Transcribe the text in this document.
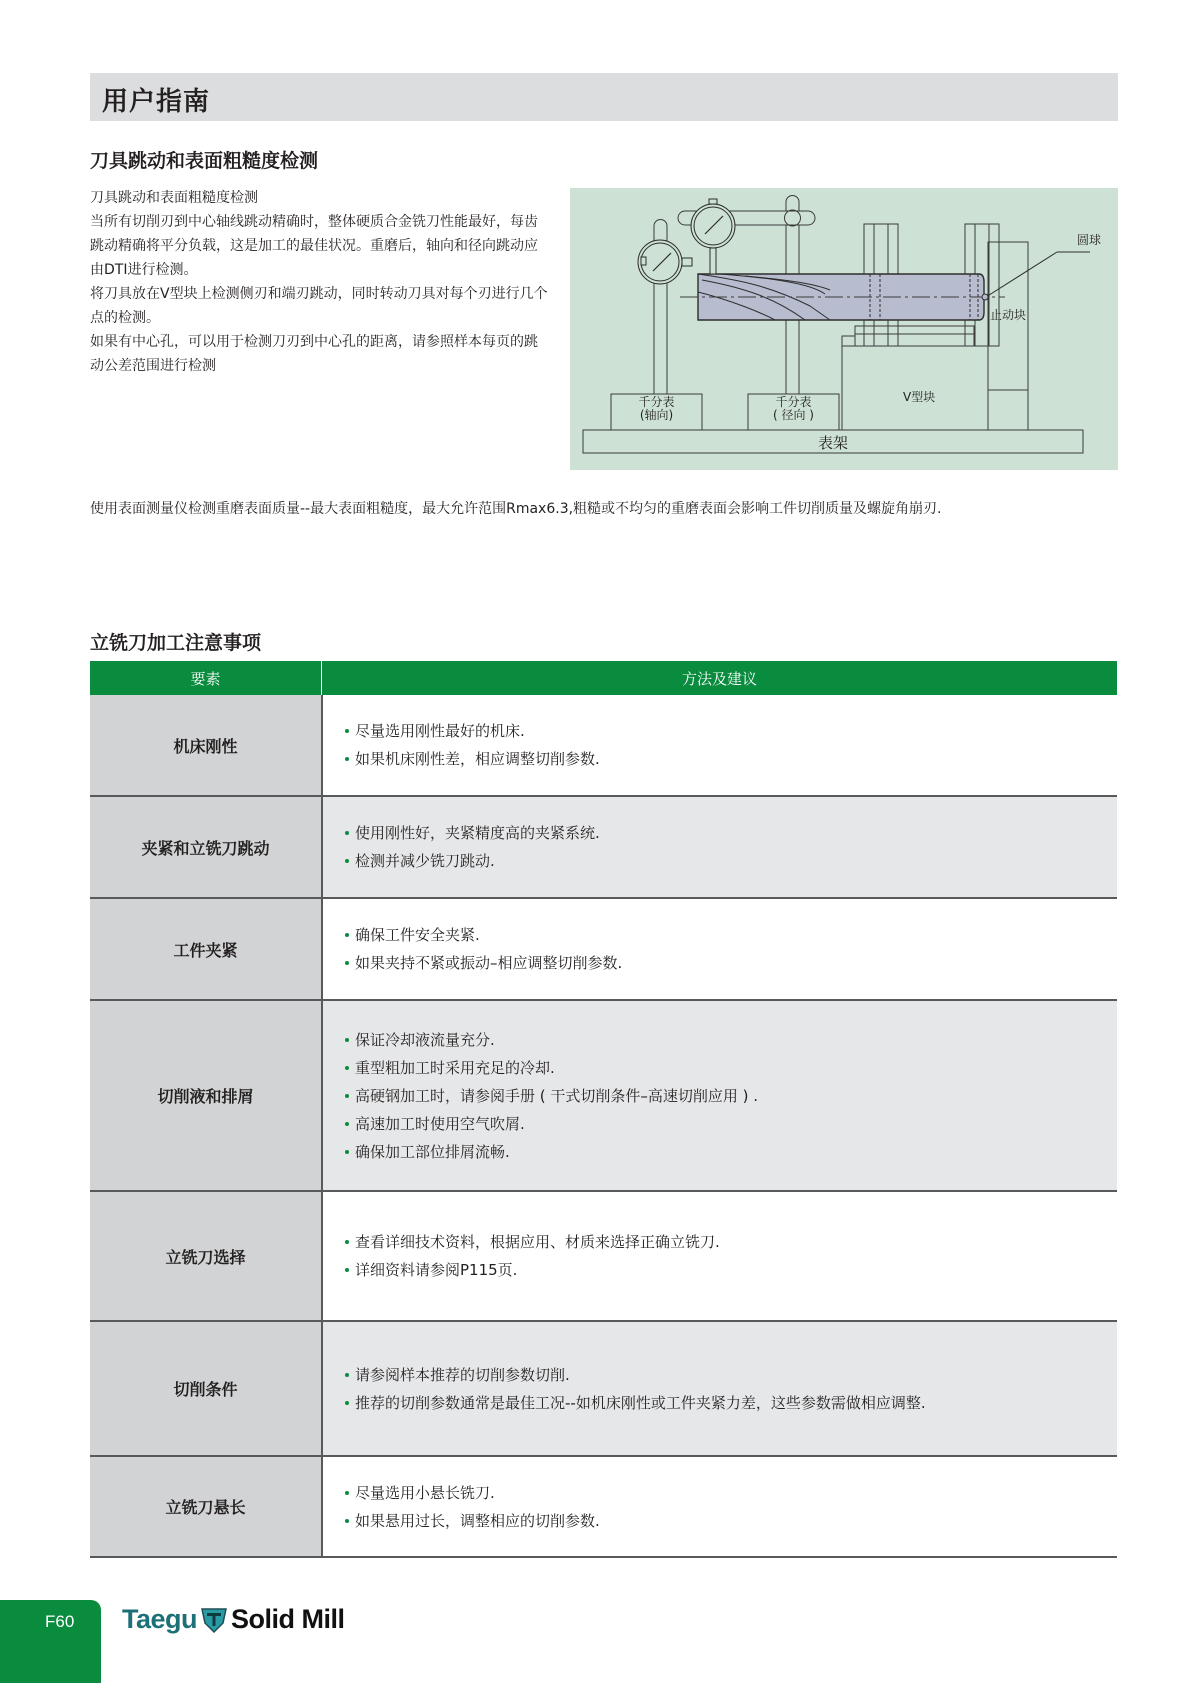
用户指南
刀具跳动和表面粗糙度检测

刀具跳动和表面粗糙度检测

当所有切削刃到中心轴线跳动精确时，整体硬质合金铣刀性能最好，每齿跳动精确将平分负载，这是加工的最佳状况。重磨后，轴向和径向跳动应由DTI进行检测。

将刀具放在V型块上检测侧刃和端刃跳动，同时转动刀具对每个刃进行几个点的检测。

如果有中心孔，可以用于检测刀刃到中心孔的距离，请参照样本每页的跳动公差范围进行检测

圆球
止动块
V型块
千分表
(轴向)
千分表
( 径向 )
表架
使用表面测量仪检测重磨表面质量--最大表面粗糙度，最大允许范围Rmax6.3,粗糙或不均匀的重磨表面会影响工件切削质量及螺旋角崩刃.
立铣刀加工注意事项
要素	方法及建议
机床刚性
尽量选用刚性最好的机床.
如果机床刚性差，相应调整切削参数.
夹紧和立铣刀跳动
使用刚性好，夹紧精度高的夹紧系统.
检测并减少铣刀跳动.
工件夹紧
确保工件安全夹紧.
如果夹持不紧或振动–相应调整切削参数.
切削液和排屑
保证冷却液流量充分.
重型粗加工时采用充足的冷却.
高硬钢加工时，请参阅手册 ( 干式切削条件–高速切削应用 ) .
高速加工时使用空气吹屑.
确保加工部位排屑流畅.
立铣刀选择
查看详细技术资料，根据应用、材质来选择正确立铣刀.
详细资料请参阅P115页.
切削条件
请参阅样本推荐的切削参数切削.
推荐的切削参数通常是最佳工况--如机床刚性或工件夹紧力差，这些参数需做相应调整.
立铣刀悬长
尽量选用小悬长铣刀.
如果悬用过长，调整相应的切削参数.
F60 Taegu Solid Mill
